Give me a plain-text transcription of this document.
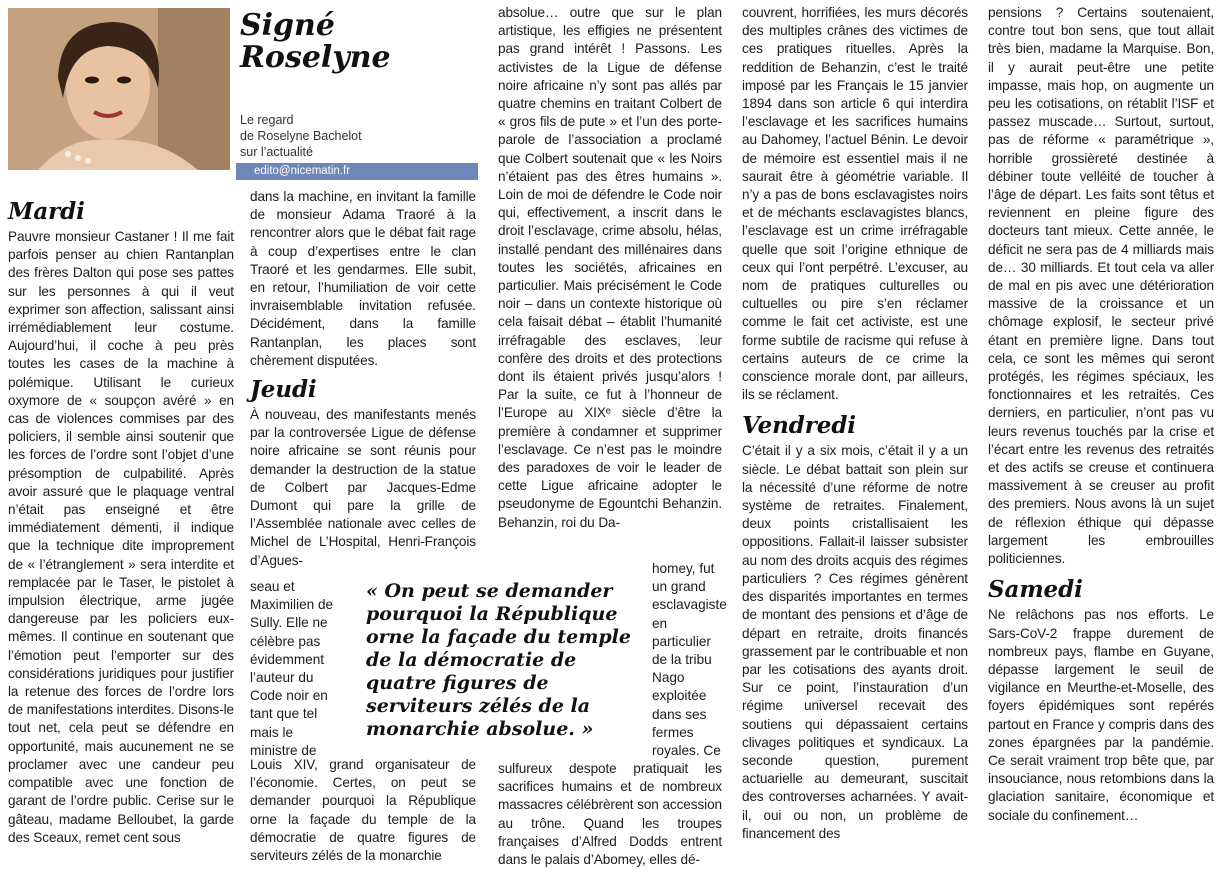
Signé
Roselyne
Le regard
de Roselyne Bachelot
sur l’actualité
edito@nicematin.fr
Mardi

Pauvre monsieur Castaner ! Il me fait parfois penser au chien Rantanplan des frères Dalton qui pose ses pattes sur les personnes à qui il veut exprimer son affection, salissant ainsi irrémédiablement leur costume. Aujourd’hui, il coche à peu près toutes les cases de la machine à polémique. Utilisant le curieux oxymore de « soupçon avéré » en cas de violences commises par des policiers, il semble ainsi soutenir que les forces de l’ordre sont l’objet d’une présomption de culpabilité. Après avoir assuré que le plaquage ventral n’était pas enseigné et être immédiatement démenti, il indique que la technique dite improprement de « l’étranglement » sera interdite et remplacée par le Taser, le pistolet à impulsion électrique, arme jugée dangereuse par les policiers eux-mêmes. Il continue en soutenant que l’émotion peut l’emporter sur des considérations juridiques pour justifier la retenue des forces de l’ordre lors de manifestations interdites. Disons-le tout net, cela peut se défendre en opportunité, mais aucunement ne se proclamer avec une candeur peu compatible avec une fonction de garant de l’ordre public. Cerise sur le gâteau, madame Belloubet, la garde des Sceaux, remet cent sous

dans la machine, en invitant la famille de monsieur Adama Traoré à la rencontrer alors que le débat fait rage à coup d’expertises entre le clan Traoré et les gendarmes. Elle subit, en retour, l’humiliation de voir cette invraisemblable invitation refusée. Décidément, dans la famille Rantanplan, les places sont chèrement disputées.

Jeudi

À nouveau, des manifestants menés par la controversée Ligue de défense noire africaine se sont réunis pour demander la destruction de la statue de Colbert par Jacques-Edme Dumont qui pare la grille de l’Assemblée nationale avec celles de Michel de L’Hospital, Henri-François d’Agues-

seau et Maximilien de Sully. Elle ne célèbre pas évidemment l’auteur du Code noir en tant que tel mais le ministre de

Louis XIV, grand organisateur de l’économie. Certes, on peut se demander pourquoi la République orne la façade du temple de la démocratie de quatre figures de serviteurs zélés de la monarchie

absolue… outre que sur le plan artistique, les effigies ne présentent pas grand intérêt ! Passons. Les activistes de la Ligue de défense noire africaine n’y sont pas allés par quatre chemins en traitant Colbert de « gros fils de pute » et l’un des porte-parole de l’association a proclamé que Colbert soutenait que « les Noirs n’étaient pas des êtres humains ». Loin de moi de défendre le Code noir qui, effectivement, a inscrit dans le droit l’esclavage, crime absolu, hélas, installé pendant des millénaires dans toutes les sociétés, africaines en particulier. Mais précisément le Code noir – dans un contexte historique où cela faisait débat – établit l’humanité irréfragable des esclaves, leur confère des droits et des protections dont ils étaient privés jusqu’alors ! Par la suite, ce fut à l’honneur de l’Europe au XIXᵉ siècle d’être la première à condamner et supprimer l’esclavage. Ce n’est pas le moindre des paradoxes de voir le leader de cette Ligue africaine adopter le pseudonyme de Egountchi Behanzin. Behanzin, roi du Da-

homey, fut un grand esclavagiste en particulier de la tribu Nago exploitée dans ses fermes royales. Ce

sulfureux despote pratiquait les sacrifices humains et de nombreux massacres célébrèrent son accession au trône. Quand les troupes françaises d’Alfred Dodds entrent dans le palais d’Abomey, elles dé-

« On peut se demander pourquoi la République orne la façade du temple de la démocratie de quatre figures de serviteurs zélés de la monarchie absolue. »

couvrent, horrifiées, les murs décorés des multiples crânes des victimes de ces pratiques rituelles. Après la reddition de Behanzin, c’est le traité imposé par les Français le 15 janvier 1894 dans son article 6 qui interdira l’esclavage et les sacrifices humains au Dahomey, l’actuel Bénin. Le devoir de mémoire est essentiel mais il ne saurait être à géométrie variable. Il n’y a pas de bons esclavagistes noirs et de méchants esclavagistes blancs, l’esclavage est un crime irréfragable quelle que soit l’origine ethnique de ceux qui l’ont perpétré. L’excuser, au nom de pratiques culturelles ou cultuelles ou pire s’en réclamer comme le fait cet activiste, est une forme subtile de racisme qui refuse à certains auteurs de ce crime la conscience morale dont, par ailleurs, ils se réclament.

Vendredi

C’était il y a six mois, c’était il y a un siècle. Le débat battait son plein sur la nécessité d’une réforme de notre système de retraites. Finalement, deux points cristallisaient les oppositions. Fallait-il laisser subsister au nom des droits acquis des régimes particuliers ? Ces régimes génèrent des disparités importantes en termes de montant des pensions et d’âge de départ en retraite, droits financés grassement par le contribuable et non par les cotisations des ayants droit. Sur ce point, l’instauration d’un régime universel recevait des soutiens qui dépassaient certains clivages politiques et syndicaux. La seconde question, purement actuarielle au demeurant, suscitait des controverses acharnées. Y avait-il, oui ou non, un problème de financement des

pensions ? Certains soutenaient, contre tout bon sens, que tout allait très bien, madame la Marquise. Bon, il y aurait peut-être une petite impasse, mais hop, on augmente un peu les cotisations, on rétablit l’ISF et passez muscade… Surtout, surtout, pas de réforme « paramétrique », horrible grossièreté destinée à débiner toute velléité de toucher à l’âge de départ. Les faits sont têtus et reviennent en pleine figure des docteurs tant mieux. Cette année, le déficit ne sera pas de 4 milliards mais de… 30 milliards. Et tout cela va aller de mal en pis avec une détérioration massive de la croissance et un chômage explosif, le secteur privé étant en première ligne. Dans tout cela, ce sont les mêmes qui seront protégés, les régimes spéciaux, les fonctionnaires et les retraités. Ces derniers, en particulier, n’ont pas vu leurs revenus touchés par la crise et l’écart entre les revenus des retraités et des actifs se creuse et continuera massivement à se creuser au profit des premiers. Nous avons là un sujet de réflexion éthique qui dépasse largement les embrouilles politiciennes.

Samedi

Ne relâchons pas nos efforts. Le Sars-CoV-2 frappe durement de nombreux pays, flambe en Guyane, dépasse largement le seuil de vigilance en Meurthe-et-Moselle, des foyers épidémiques sont repérés partout en France y compris dans des zones épargnées par la pandémie. Ce serait vraiment trop bête que, par insouciance, nous retombions dans la glaciation sanitaire, économique et sociale du confinement…
